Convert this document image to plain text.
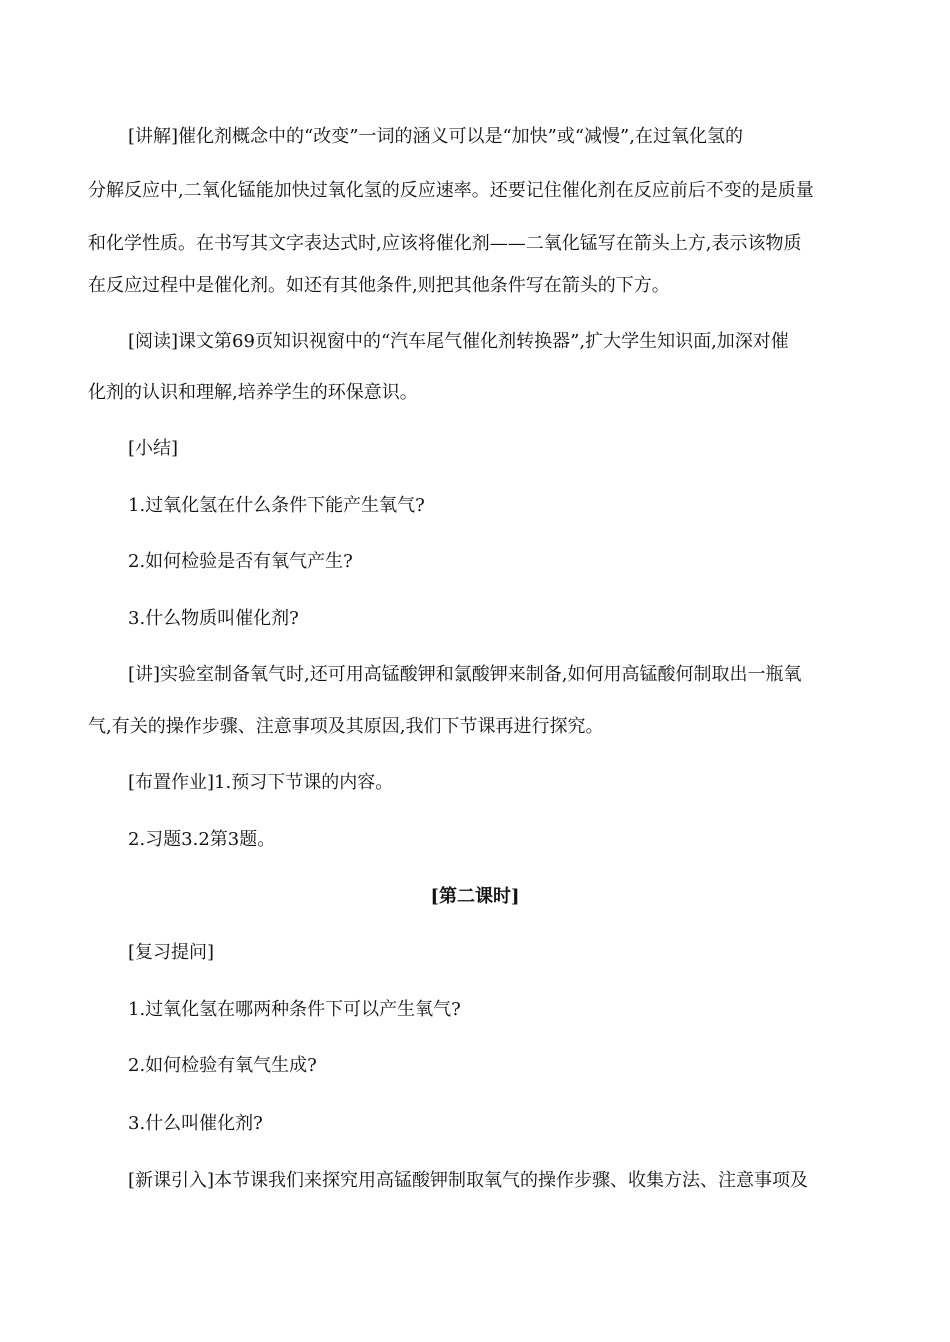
[讲解]催化剂概念中的“改变”一词的涵义可以是“加快”或“减慢”,在过氧化氢的

分解反应中,二氧化锰能加快过氧化氢的反应速率。还要记住催化剂在反应前后不变的是质量

和化学性质。在书写其文字表达式时,应该将催化剂——二氧化锰写在箭头上方,表示该物质

在反应过程中是催化剂。如还有其他条件,则把其他条件写在箭头的下方。

[阅读]课文第69页知识视窗中的“汽车尾气催化剂转换器”,扩大学生知识面,加深对催

化剂的认识和理解,培养学生的环保意识。

[小结]

1.过氧化氢在什么条件下能产生氧气?

2.如何检验是否有氧气产生?

3.什么物质叫催化剂?

[讲]实验室制备氧气时,还可用高锰酸钾和氯酸钾来制备,如何用高锰酸何制取出一瓶氧

气,有关的操作步骤、注意事项及其原因,我们下节课再进行探究。

[布置作业]1.预习下节课的内容。

2.习题3.2第3题。

[第二课时]

[复习提问]

1.过氧化氢在哪两种条件下可以产生氧气?

2.如何检验有氧气生成?

3.什么叫催化剂?

[新课引入]本节课我们来探究用高锰酸钾制取氧气的操作步骤、收集方法、注意事项及
